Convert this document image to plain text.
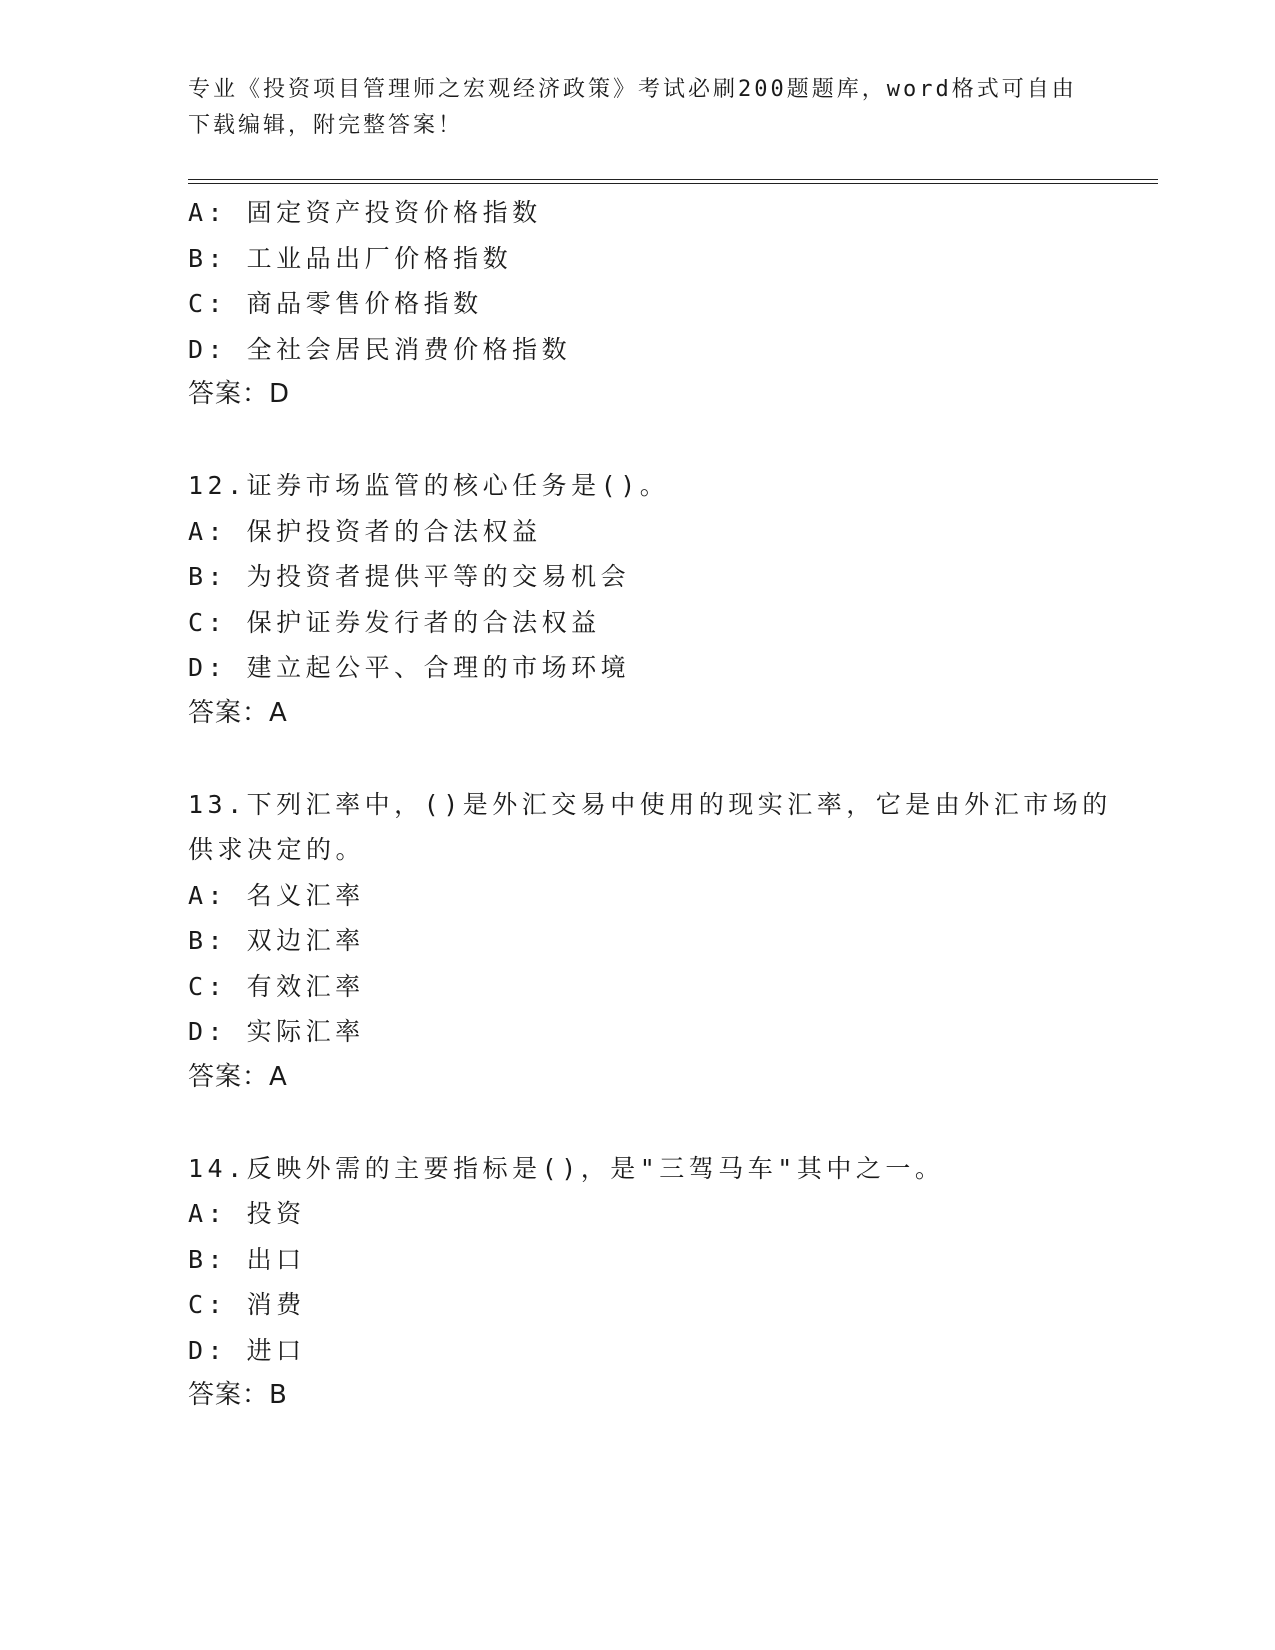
专业《投资项目管理师之宏观经济政策》考试必刷200题题库，word格式可自由
下载编辑，附完整答案！
A: 固定资产投资价格指数
B: 工业品出厂价格指数
C: 商品零售价格指数
D: 全社会居民消费价格指数
答案：D
12.证券市场监管的核心任务是()。
A: 保护投资者的合法权益
B: 为投资者提供平等的交易机会
C: 保护证券发行者的合法权益
D: 建立起公平、合理的市场环境
答案：A
13.下列汇率中，()是外汇交易中使用的现实汇率，它是由外汇市场的
供求决定的。
A: 名义汇率
B: 双边汇率
C: 有效汇率
D: 实际汇率
答案：A
14.反映外需的主要指标是()，是"三驾马车"其中之一。
A: 投资
B: 出口
C: 消费
D: 进口
答案：B
